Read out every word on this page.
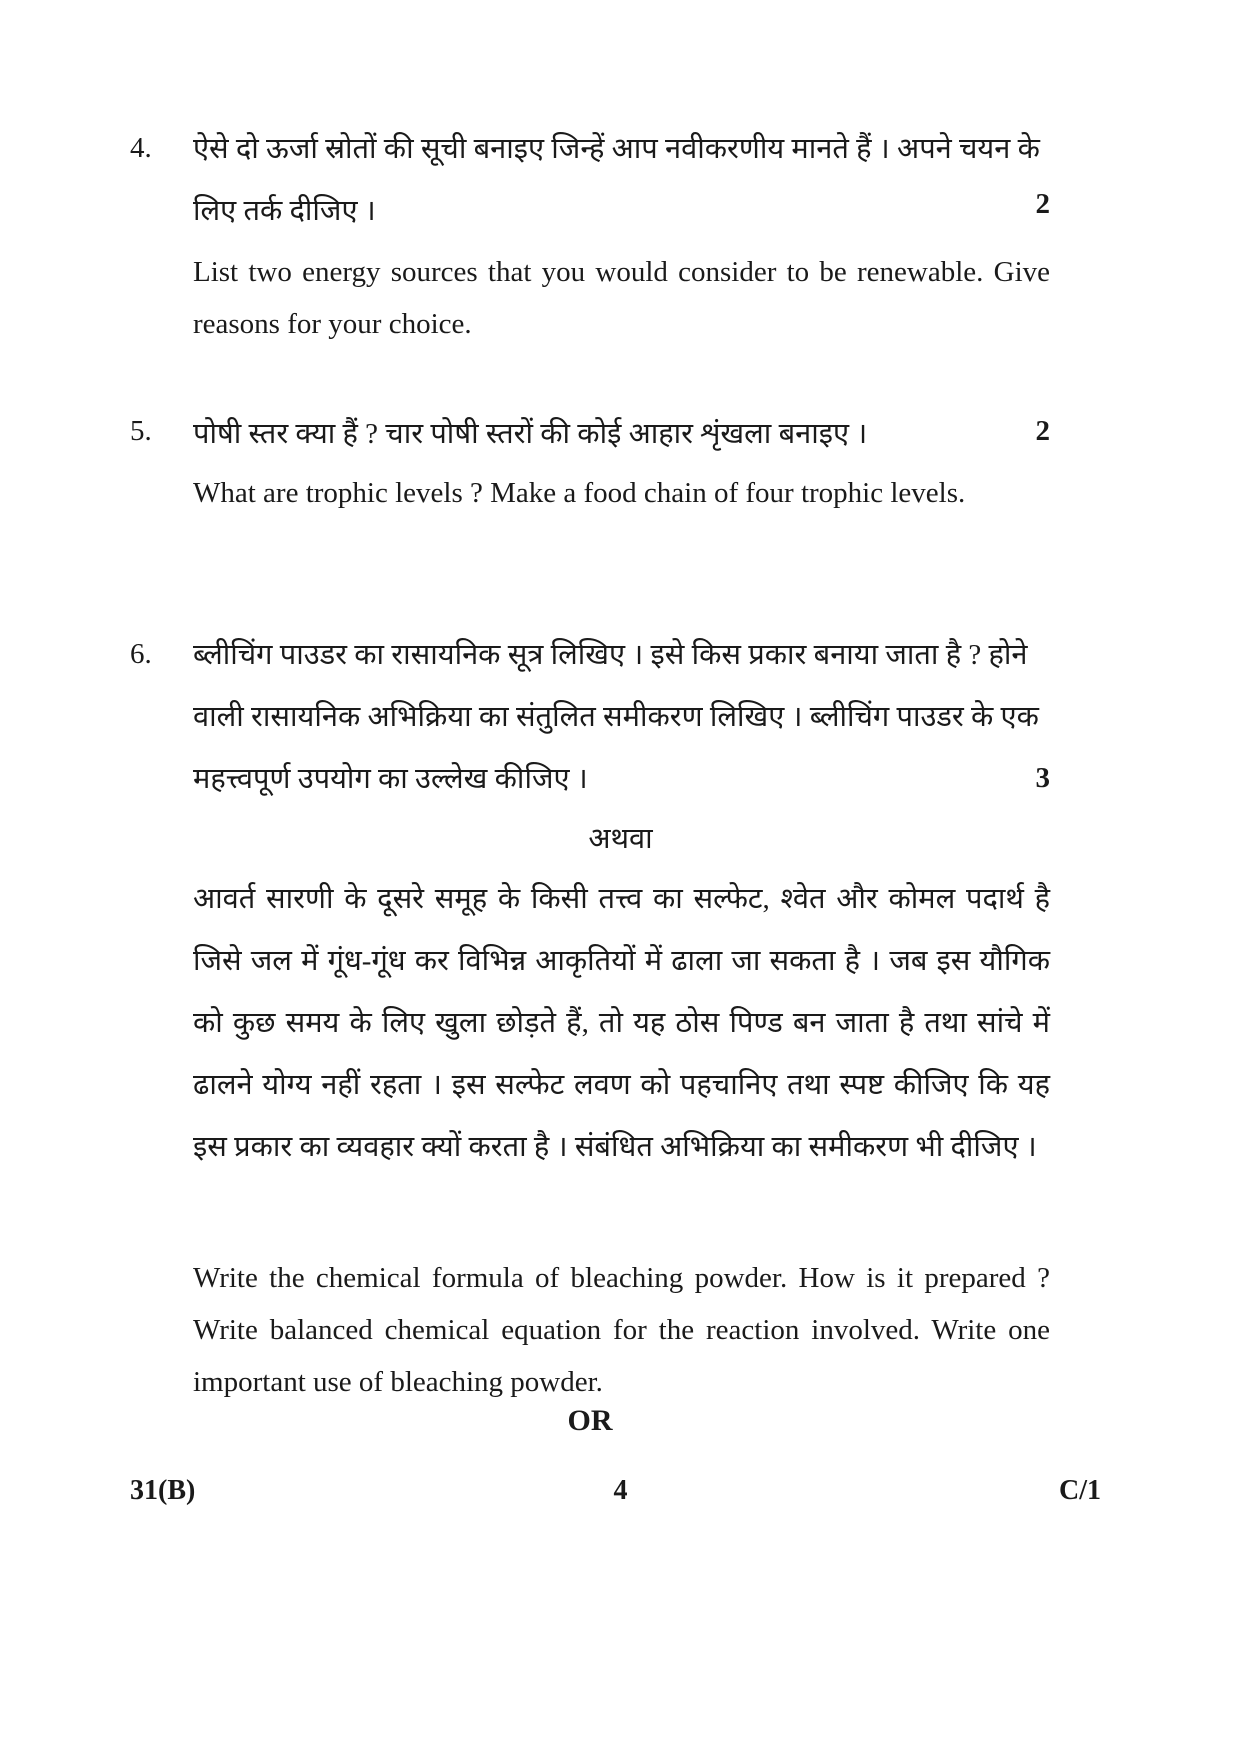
4. ऐसे दो ऊर्जा स्रोतों की सूची बनाइए जिन्हें आप नवीकरणीय मानते हैं । अपने चयन के लिए तर्क दीजिए ।	2
List two energy sources that you would consider to be renewable. Give reasons for your choice.
5. पोषी स्तर क्या हैं ? चार पोषी स्तरों की कोई आहार शृंखला बनाइए ।	2
What are trophic levels ? Make a food chain of four trophic levels.
6. ब्लीचिंग पाउडर का रासायनिक सूत्र लिखिए । इसे किस प्रकार बनाया जाता है ? होने वाली रासायनिक अभिक्रिया का संतुलित समीकरण लिखिए । ब्लीचिंग पाउडर के एक महत्त्वपूर्ण उपयोग का उल्लेख कीजिए ।	3
अथवा
आवर्त सारणी के दूसरे समूह के किसी तत्त्व का सल्फेट, श्वेत और कोमल पदार्थ है जिसे जल में गूंध-गूंध कर विभिन्न आकृतियों में ढाला जा सकता है । जब इस यौगिक को कुछ समय के लिए खुला छोड़ते हैं, तो यह ठोस पिण्ड बन जाता है तथा सांचे में ढालने योग्य नहीं रहता । इस सल्फेट लवण को पहचानिए तथा स्पष्ट कीजिए कि यह इस प्रकार का व्यवहार क्यों करता है । संबंधित अभिक्रिया का समीकरण भी दीजिए ।
Write the chemical formula of bleaching powder. How is it prepared ? Write balanced chemical equation for the reaction involved. Write one important use of bleaching powder.
OR
31(B)	4	C/1
